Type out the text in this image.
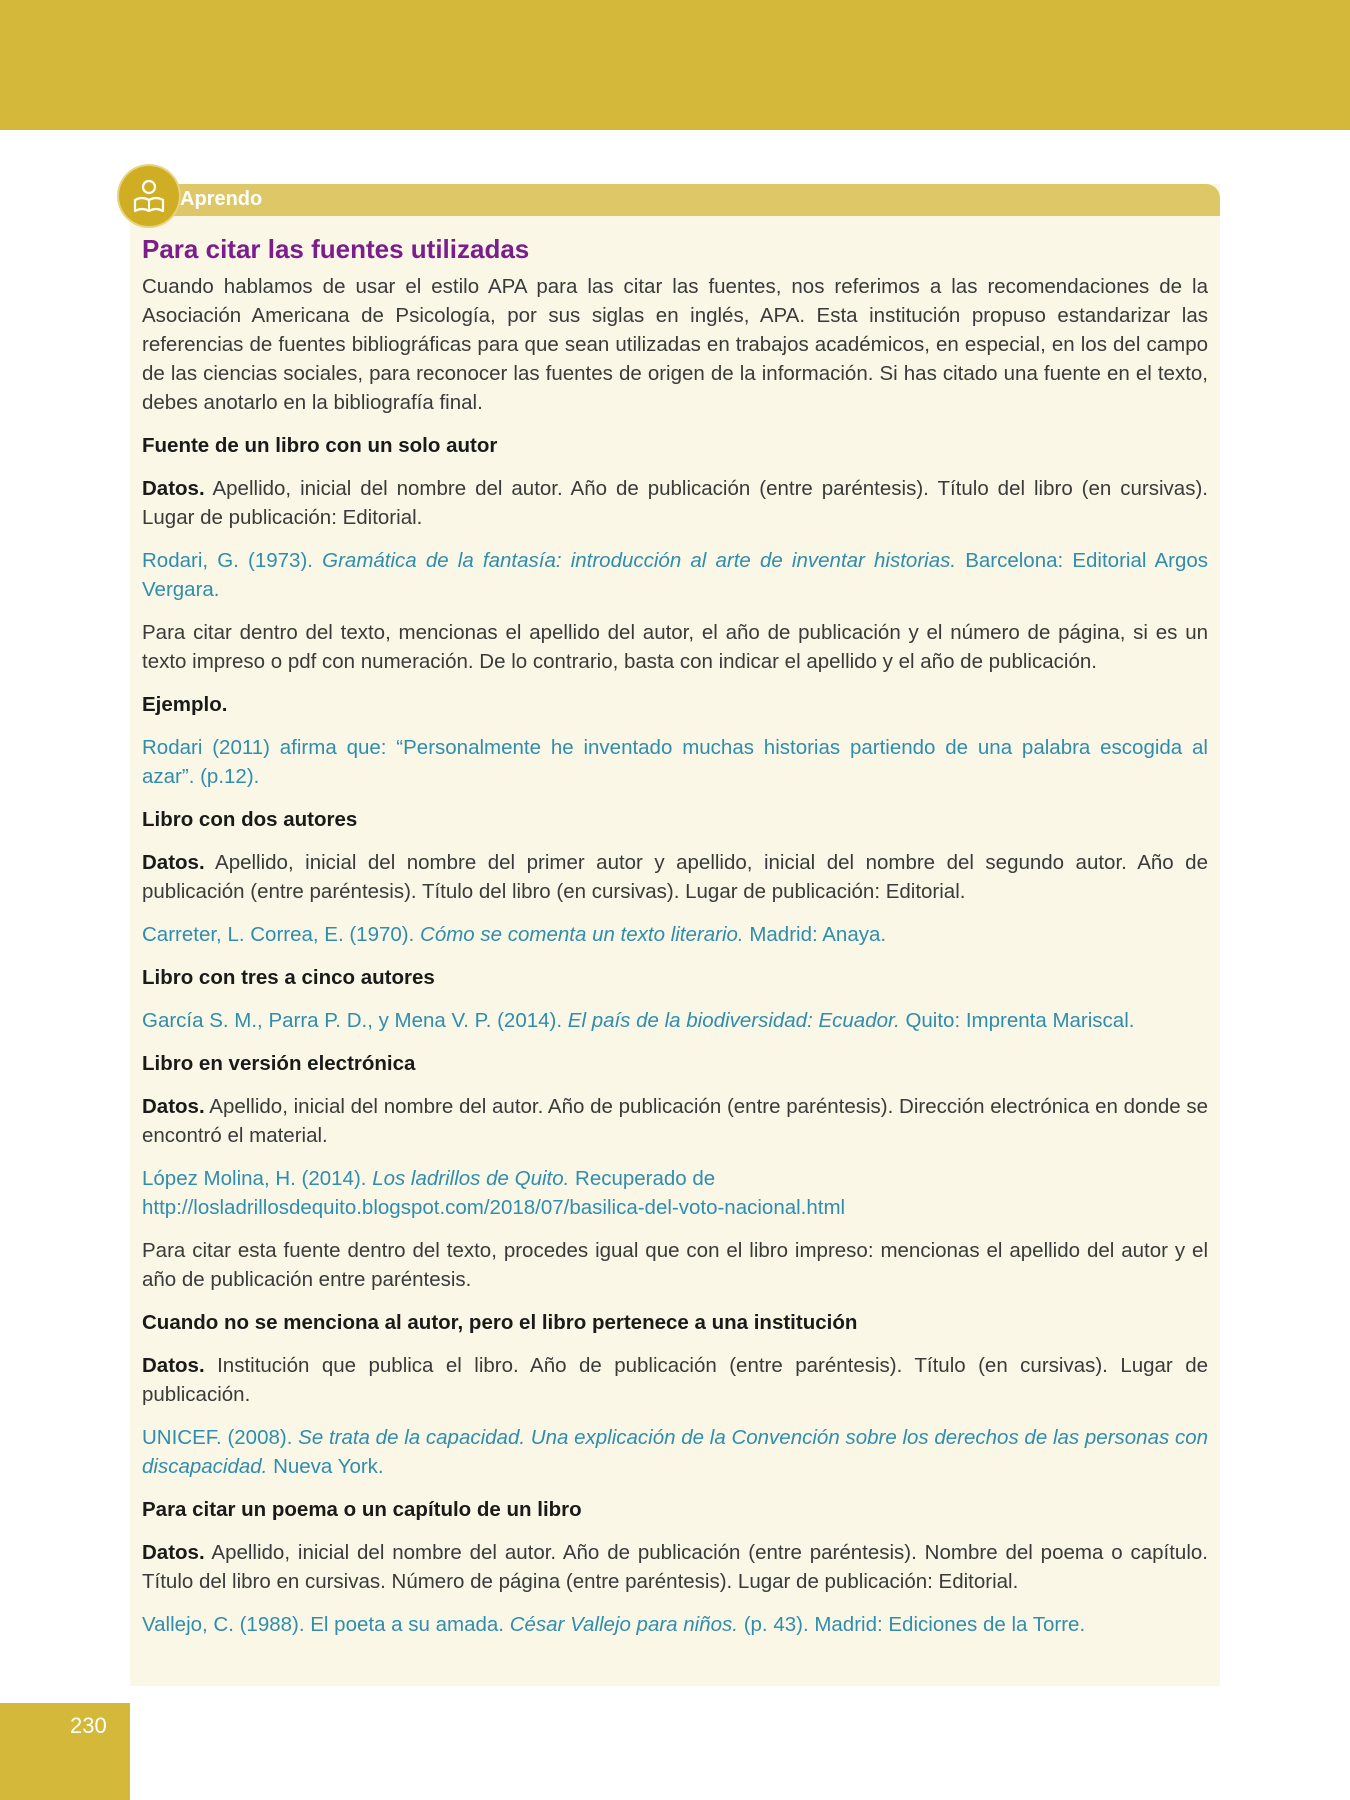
Aprendo
Para citar las fuentes utilizadas

Cuando hablamos de usar el estilo APA para las citar las fuentes, nos referimos a las recomendaciones de la Asociación Americana de Psicología, por sus siglas en inglés, APA. Esta institución propuso estandarizar las referencias de fuentes bibliográficas para que sean utilizadas en trabajos académicos, en especial, en los del campo de las ciencias sociales, para reconocer las fuentes de origen de la información. Si has citado una fuente en el texto, debes anotarlo en la bibliografía final.

Fuente de un libro con un solo autor

Datos. Apellido, inicial del nombre del autor. Año de publicación (entre paréntesis). Título del libro (en cursivas). Lugar de publicación: Editorial.

Rodari, G. (1973). Gramática de la fantasía: introducción al arte de inventar historias. Barcelona: Editorial Argos Vergara.

Para citar dentro del texto, mencionas el apellido del autor, el año de publicación y el número de página, si es un texto impreso o pdf con numeración. De lo contrario, basta con indicar el apellido y el año de publicación.

Ejemplo.

Rodari (2011) afirma que: “Personalmente he inventado muchas historias partiendo de una palabra escogida al azar”. (p.12).

Libro con dos autores

Datos. Apellido, inicial del nombre del primer autor y apellido, inicial del nombre del segundo autor. Año de publicación (entre paréntesis). Título del libro (en cursivas). Lugar de publicación: Editorial.

Carreter, L. Correa, E. (1970). Cómo se comenta un texto literario. Madrid: Anaya.

Libro con tres a cinco autores

García S. M., Parra P. D., y Mena V. P. (2014). El país de la biodiversidad: Ecuador. Quito: Imprenta Mariscal.

Libro en versión electrónica

Datos. Apellido, inicial del nombre del autor. Año de publicación (entre paréntesis). Dirección electrónica en donde se encontró el material.

López Molina, H. (2014). Los ladrillos de Quito. Recuperado de
http://losladrillosdequito.blogspot.com/2018/07/basilica-del-voto-nacional.html

Para citar esta fuente dentro del texto, procedes igual que con el libro impreso: mencionas el apellido del autor y el año de publicación entre paréntesis.

Cuando no se menciona al autor, pero el libro pertenece a una institución

Datos. Institución que publica el libro. Año de publicación (entre paréntesis). Título (en cursivas). Lugar de publicación.

UNICEF. (2008). Se trata de la capacidad. Una explicación de la Convención sobre los derechos de las personas con discapacidad. Nueva York.

Para citar un poema o un capítulo de un libro

Datos. Apellido, inicial del nombre del autor. Año de publicación (entre paréntesis). Nombre del poema o capítulo. Título del libro en cursivas. Número de página (entre paréntesis). Lugar de publicación: Editorial.

Vallejo, C. (1988). El poeta a su amada. César Vallejo para niños. (p. 43). Madrid: Ediciones de la Torre.

230
